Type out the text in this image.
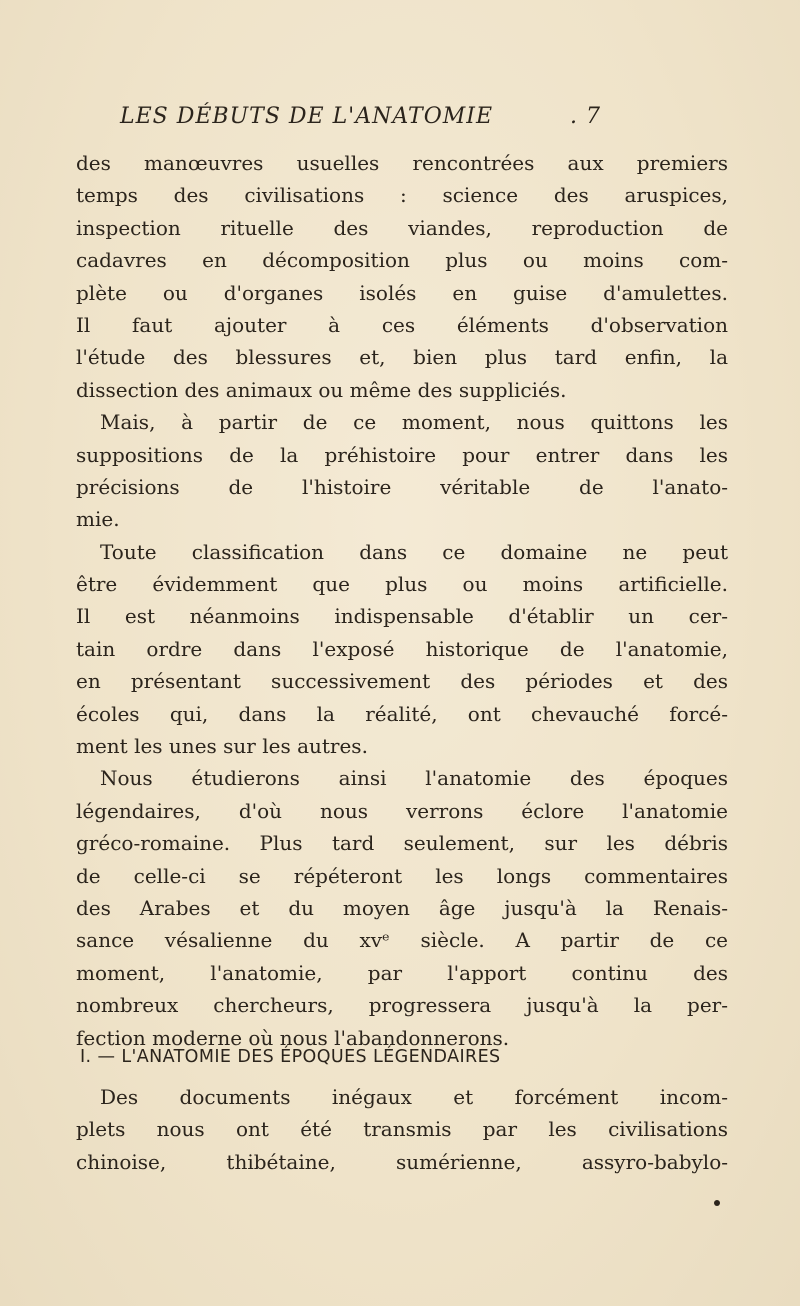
LES DÉBUTS DE L'ANATOMIE	. 7
des manœuvres usuelles rencontrées aux premiers
temps des civilisations : science des aruspices,
inspection rituelle des viandes, reproduction de
cadavres en décomposition plus ou moins com-
plète ou d'organes isolés en guise d'amulettes.
Il faut ajouter à ces éléments d'observation
l'étude des blessures et, bien plus tard enfin, la
dissection des animaux ou même des suppliciés.
Mais, à partir de ce moment, nous quittons les
suppositions de la préhistoire pour entrer dans les
précisions de l'histoire véritable de l'anato-
mie.
Toute classification dans ce domaine ne peut
être évidemment que plus ou moins artificielle.
Il est néanmoins indispensable d'établir un cer-
tain ordre dans l'exposé historique de l'anatomie,
en présentant successivement des périodes et des
écoles qui, dans la réalité, ont chevauché forcé-
ment les unes sur les autres.
Nous étudierons ainsi l'anatomie des époques
légendaires, d'où nous verrons éclore l'anatomie
gréco-romaine. Plus tard seulement, sur les débris
de celle-ci se répéteront les longs commentaires
des Arabes et du moyen âge jusqu'à la Renais-
sance vésalienne du xvᵉ siècle. A partir de ce
moment, l'anatomie, par l'apport continu des
nombreux chercheurs, progressera jusqu'à la per-
fection moderne où nous l'abandonnerons.
I. — L'ANATOMIE DES ÉPOQUES LÉGENDAIRES
Des documents inégaux et forcément incom-
plets nous ont été transmis par les civilisations
chinoise, thibétaine, sumérienne, assyro-babylo-
